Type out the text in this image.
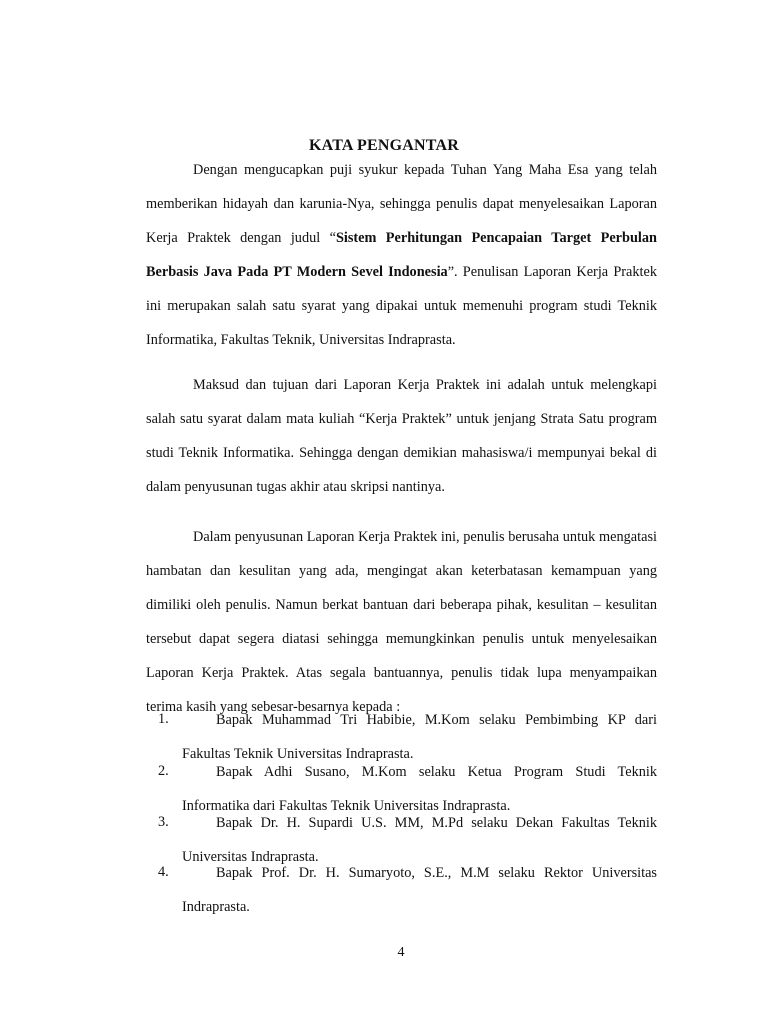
KATA PENGANTAR

Dengan mengucapkan puji syukur kepada Tuhan Yang Maha Esa yang telah memberikan hidayah dan karunia-Nya, sehingga penulis dapat menyelesaikan Laporan Kerja Praktek dengan judul “Sistem Perhitungan Pencapaian Target Perbulan Berbasis Java Pada PT Modern Sevel Indonesia”. Penulisan Laporan Kerja Praktek ini merupakan salah satu syarat yang dipakai untuk memenuhi program studi Teknik Informatika, Fakultas Teknik, Universitas Indraprasta.

Maksud dan tujuan dari Laporan Kerja Praktek ini adalah untuk melengkapi salah satu syarat dalam mata kuliah “Kerja Praktek” untuk jenjang Strata Satu program studi Teknik Informatika. Sehingga dengan demikian mahasiswa/i mempunyai bekal di dalam penyusunan tugas akhir atau skripsi nantinya.

Dalam penyusunan Laporan Kerja Praktek ini, penulis berusaha untuk mengatasi hambatan dan kesulitan yang ada, mengingat akan keterbatasan kemampuan yang dimiliki oleh penulis. Namun berkat bantuan dari beberapa pihak, kesulitan – kesulitan tersebut dapat segera diatasi sehingga memungkinkan penulis untuk menyelesaikan Laporan Kerja Praktek. Atas segala bantuannya, penulis tidak lupa menyampaikan terima kasih yang sebesar-besarnya kepada :

1.	Bapak Muhammad Tri Habibie, M.Kom selaku Pembimbing KP dari Fakultas Teknik Universitas Indraprasta.
2.	Bapak Adhi Susano, M.Kom selaku Ketua Program Studi Teknik Informatika dari Fakultas Teknik Universitas Indraprasta.
3.	Bapak Dr. H. Supardi U.S. MM, M.Pd selaku Dekan Fakultas Teknik Universitas Indraprasta.
4.	Bapak Prof. Dr. H. Sumaryoto, S.E., M.M selaku Rektor Universitas Indraprasta.
4
